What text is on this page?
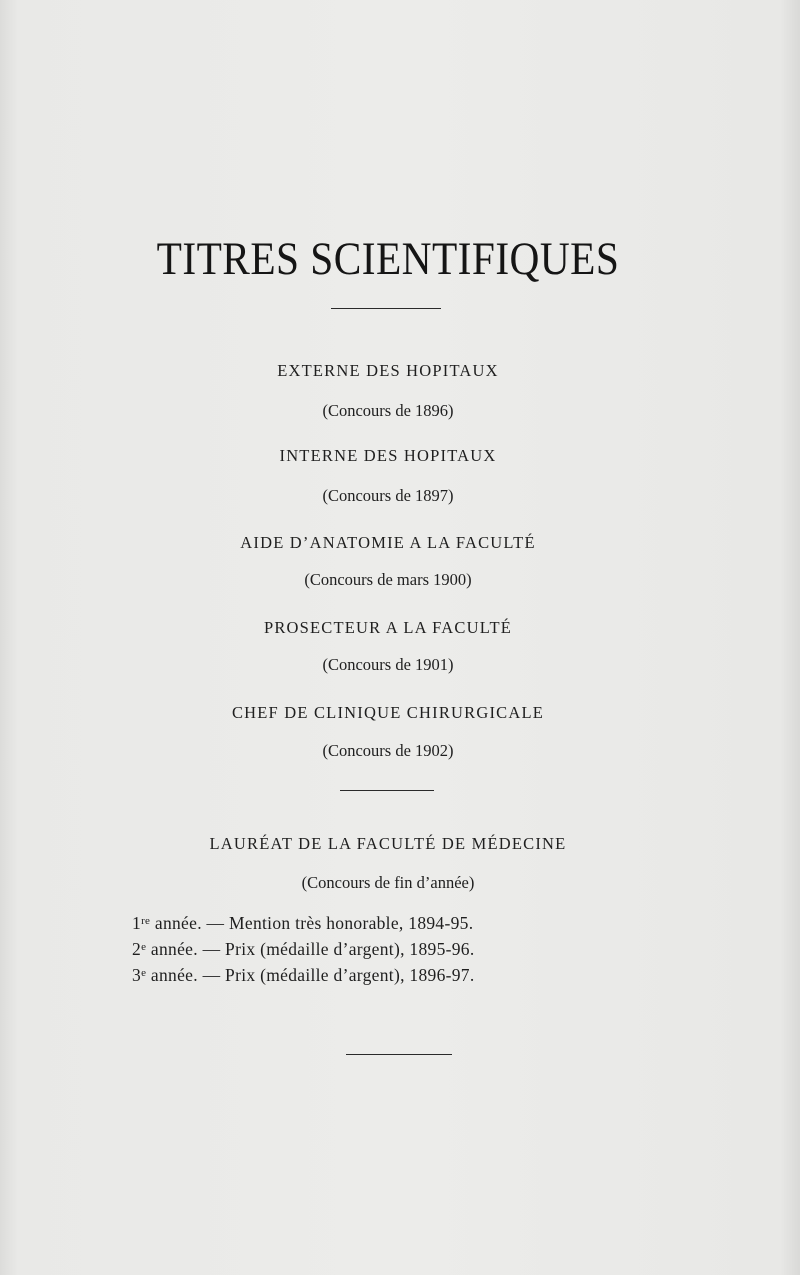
TITRES SCIENTIFIQUES
EXTERNE DES HOPITAUX
(Concours de 1896)
INTERNE DES HOPITAUX
(Concours de 1897)
AIDE D’ANATOMIE A LA FACULTÉ
(Concours de mars 1900)
PROSECTEUR A LA FACULTÉ
(Concours de 1901)
CHEF DE CLINIQUE CHIRURGICALE
(Concours de 1902)
LAURÉAT DE LA FACULTÉ DE MÉDECINE
(Concours de fin d’année)
1re année. — Mention très honorable, 1894-95.
2e année. — Prix (médaille d’argent), 1895-96.
3e année. — Prix (médaille d’argent), 1896-97.
